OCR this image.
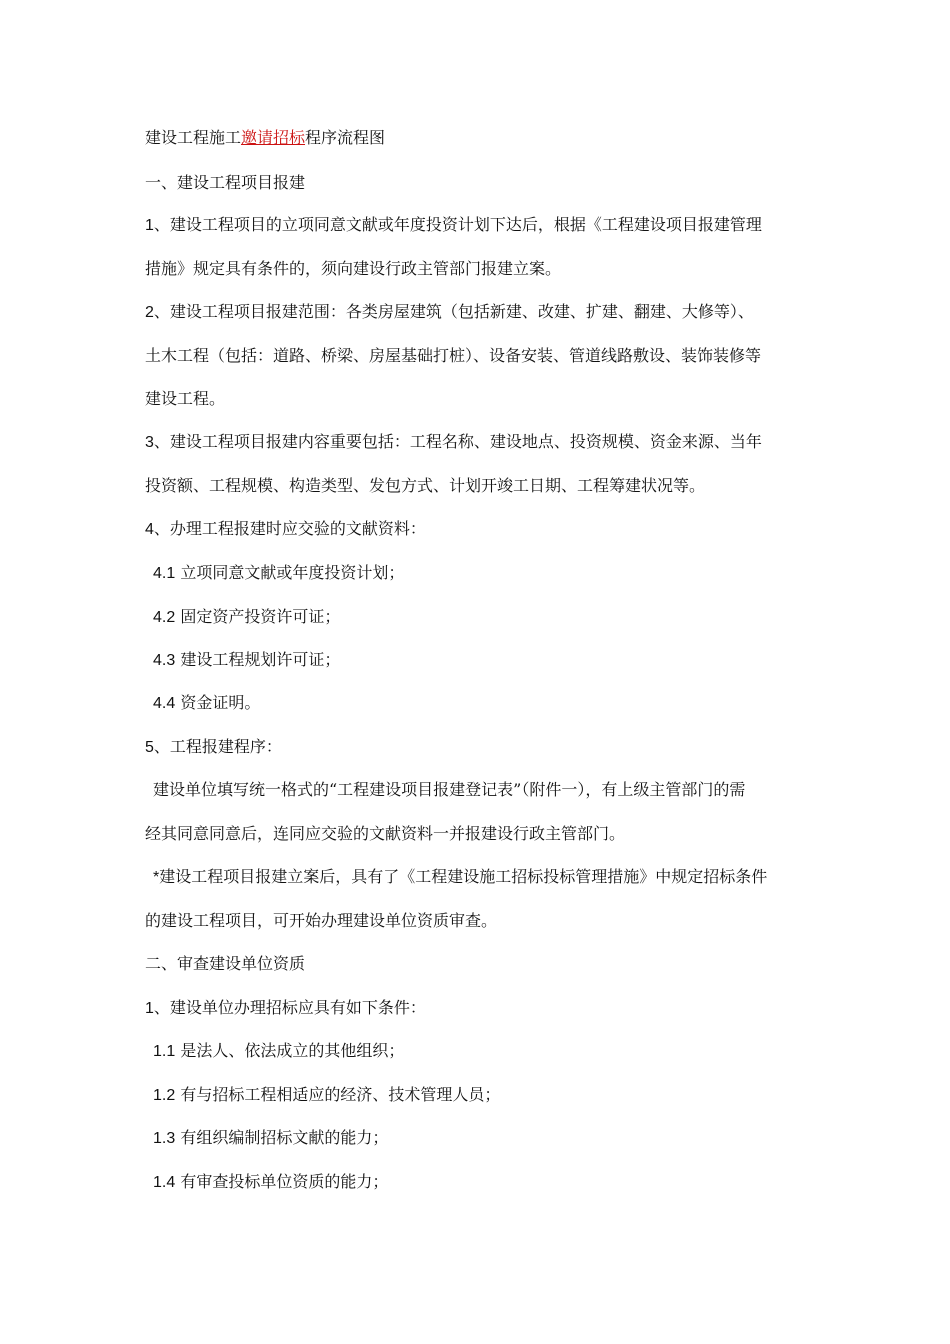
建设工程施工邀请招标程序流程图
一、建设工程项目报建
1、建设工程项目的立项同意文献或年度投资计划下达后，根据《工程建设项目报建管理
措施》规定具有条件的，须向建设行政主管部门报建立案。
2、建设工程项目报建范围：各类房屋建筑（包括新建、改建、扩建、翻建、大修等）、
土木工程（包括：道路、桥梁、房屋基础打桩）、设备安装、管道线路敷设、装饰装修等
建设工程。
3、建设工程项目报建内容重要包括：工程名称、建设地点、投资规模、资金来源、当年
投资额、工程规模、构造类型、发包方式、计划开竣工日期、工程筹建状况等。
4、办理工程报建时应交验的文献资料：
4.1 立项同意文献或年度投资计划；
4.2 固定资产投资许可证；
4.3 建设工程规划许可证；
4.4 资金证明。
5、工程报建程序：
建设单位填写统一格式的“工程建设项目报建登记表”（附件一），有上级主管部门的需
经其同意同意后，连同应交验的文献资料一并报建设行政主管部门。
*建设工程项目报建立案后，具有了《工程建设施工招标投标管理措施》中规定招标条件
的建设工程项目，可开始办理建设单位资质审查。
二、审查建设单位资质
1、建设单位办理招标应具有如下条件：
1.1 是法人、依法成立的其他组织；
1.2 有与招标工程相适应的经济、技术管理人员；
1.3 有组织编制招标文献的能力；
1.4 有审查投标单位资质的能力；
